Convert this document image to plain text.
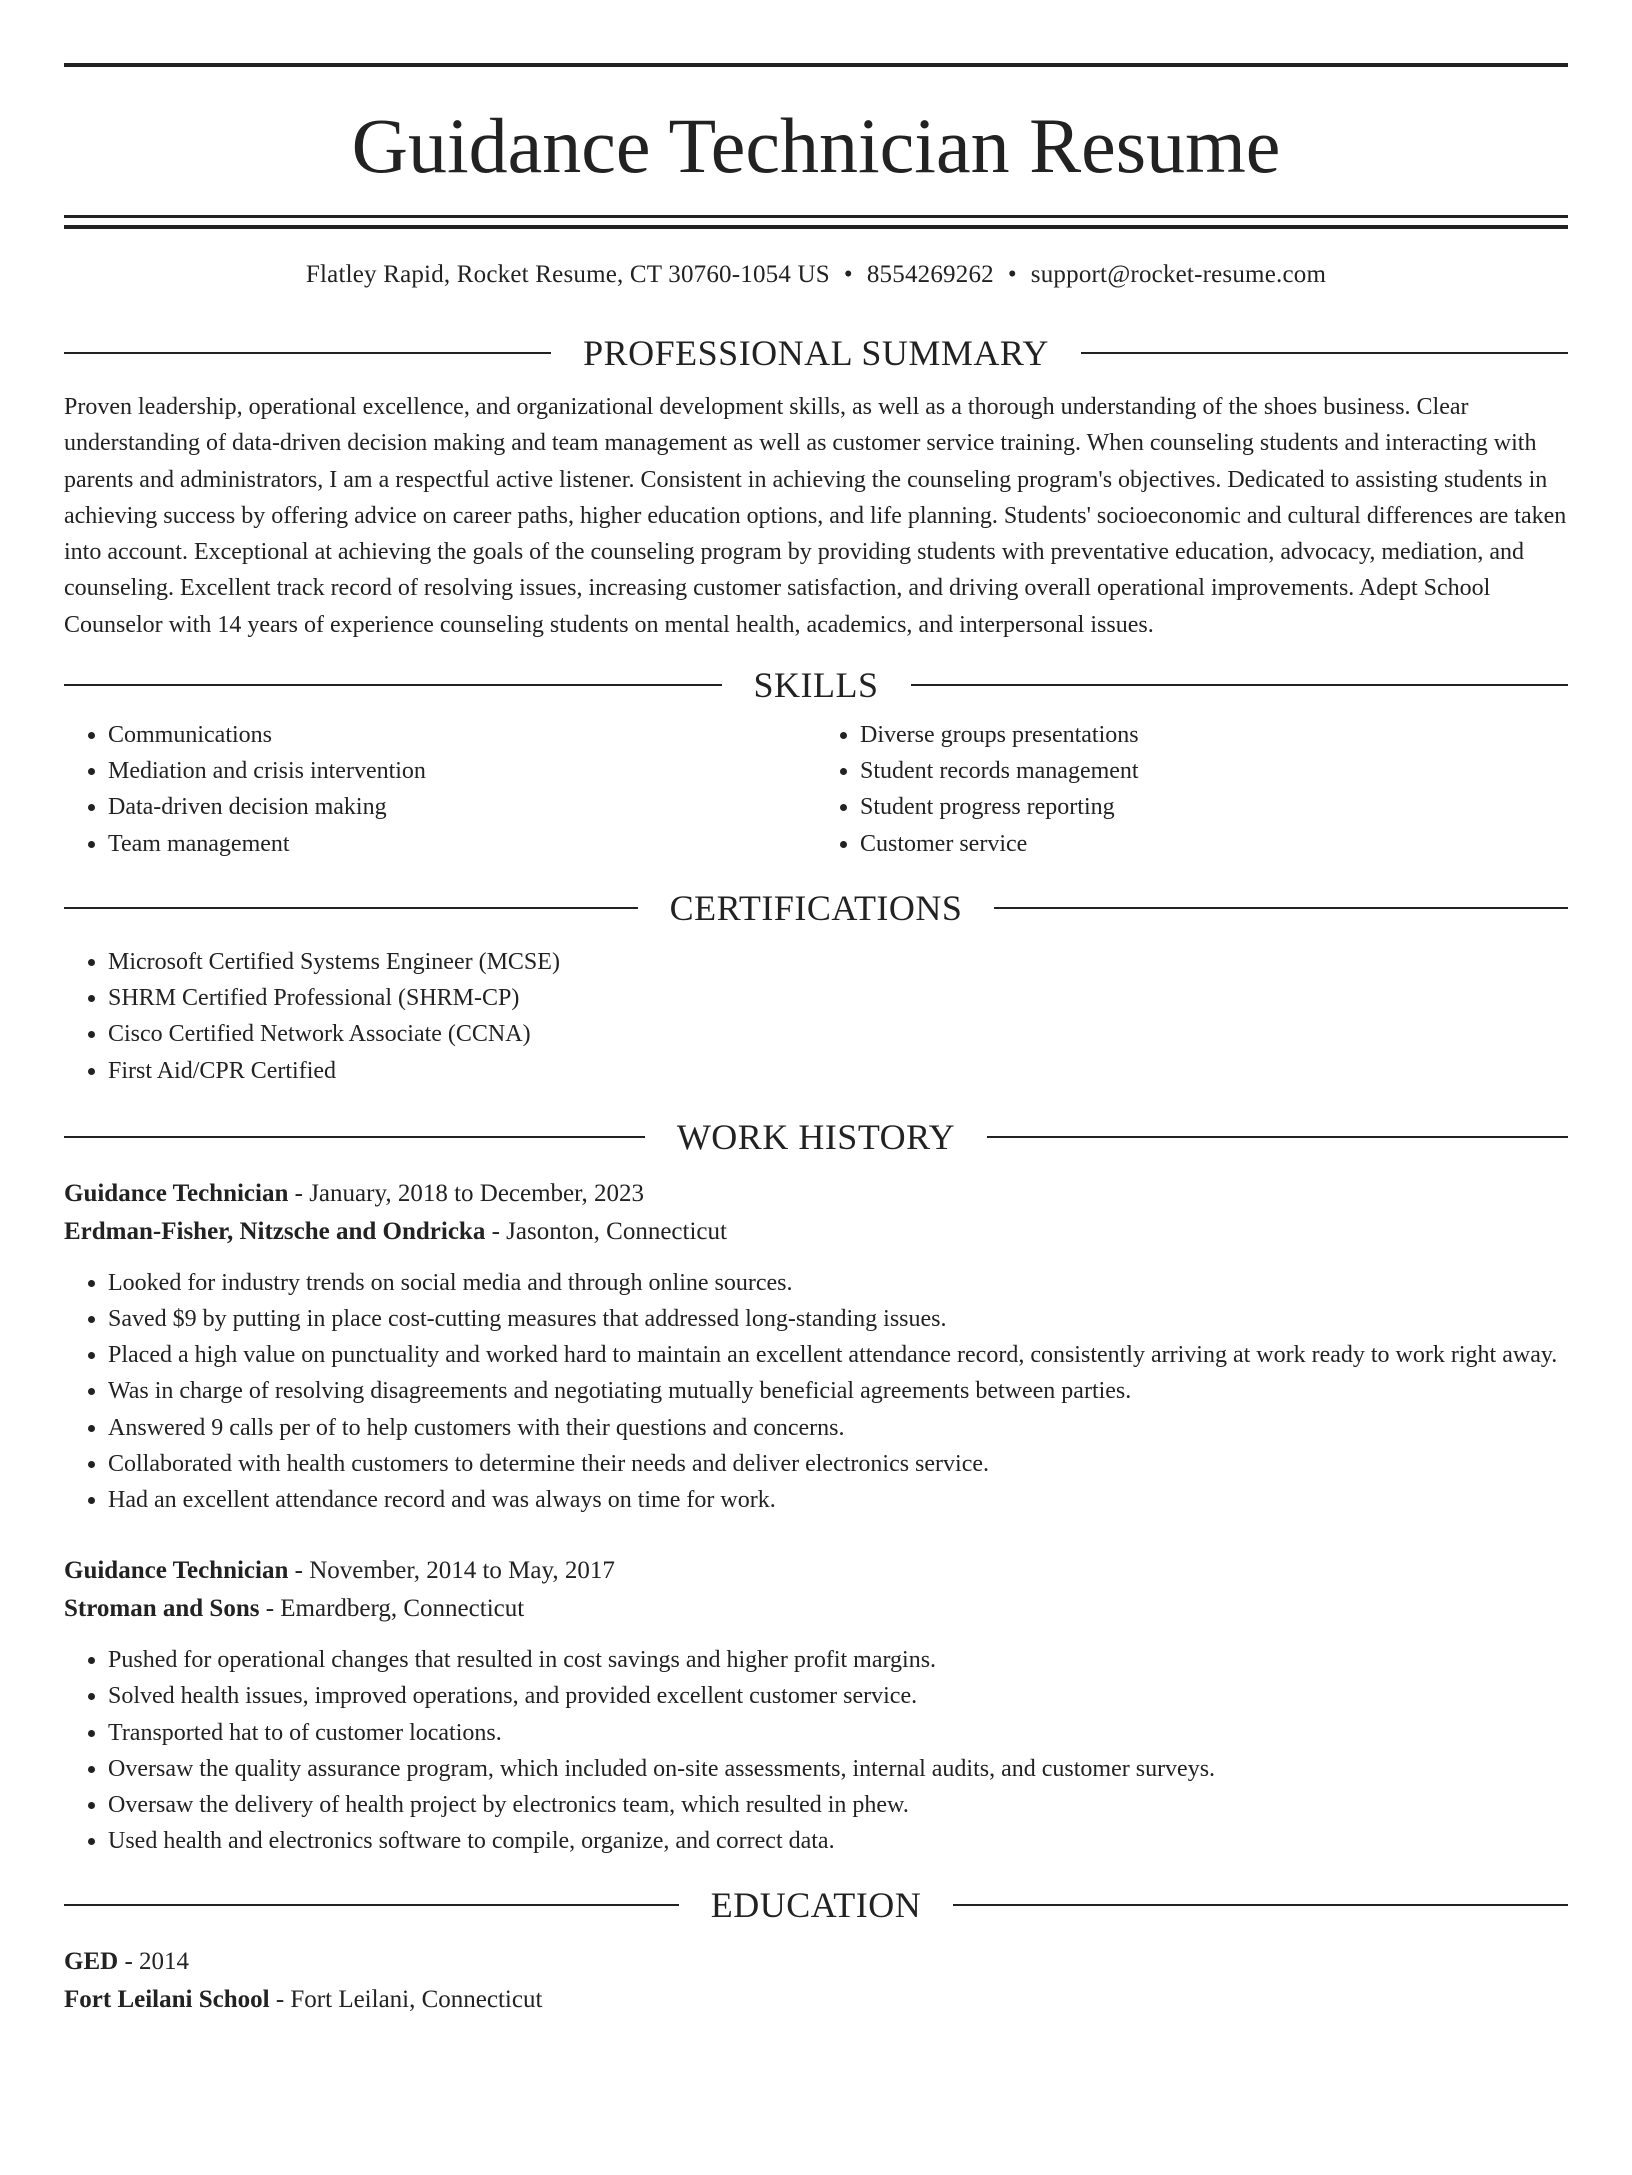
Guidance Technician Resume
Flatley Rapid, Rocket Resume, CT 30760-1054 US • 8554269262 • support@rocket-resume.com
PROFESSIONAL SUMMARY

Proven leadership, operational excellence, and organizational development skills, as well as a thorough understanding of the shoes business. Clear understanding of data-driven decision making and team management as well as customer service training. When counseling students and interacting with parents and administrators, I am a respectful active listener. Consistent in achieving the counseling program's objectives. Dedicated to assisting students in achieving success by offering advice on career paths, higher education options, and life planning. Students' socioeconomic and cultural differences are taken into account. Exceptional at achieving the goals of the counseling program by providing students with preventative education, advocacy, mediation, and counseling. Excellent track record of resolving issues, increasing customer satisfaction, and driving overall operational improvements. Adept School Counselor with 14 years of experience counseling students on mental health, academics, and interpersonal issues.

SKILLS
• Communications
• Mediation and crisis intervention
• Data-driven decision making
• Team management
• Diverse groups presentations
• Student records management
• Student progress reporting
• Customer service
CERTIFICATIONS
• Microsoft Certified Systems Engineer (MCSE)
• SHRM Certified Professional (SHRM-CP)
• Cisco Certified Network Associate (CCNA)
• First Aid/CPR Certified
WORK HISTORY
Guidance Technician - January, 2018 to December, 2023
Erdman-Fisher, Nitzsche and Ondricka - Jasonton, Connecticut
• Looked for industry trends on social media and through online sources.
• Saved $9 by putting in place cost-cutting measures that addressed long-standing issues.
• Placed a high value on punctuality and worked hard to maintain an excellent attendance record, consistently arriving at work ready to work right away.
• Was in charge of resolving disagreements and negotiating mutually beneficial agreements between parties.
• Answered 9 calls per of to help customers with their questions and concerns.
• Collaborated with health customers to determine their needs and deliver electronics service.
• Had an excellent attendance record and was always on time for work.
Guidance Technician - November, 2014 to May, 2017
Stroman and Sons - Emardberg, Connecticut
• Pushed for operational changes that resulted in cost savings and higher profit margins.
• Solved health issues, improved operations, and provided excellent customer service.
• Transported hat to of customer locations.
• Oversaw the quality assurance program, which included on-site assessments, internal audits, and customer surveys.
• Oversaw the delivery of health project by electronics team, which resulted in phew.
• Used health and electronics software to compile, organize, and correct data.
EDUCATION
GED - 2014
Fort Leilani School - Fort Leilani, Connecticut
